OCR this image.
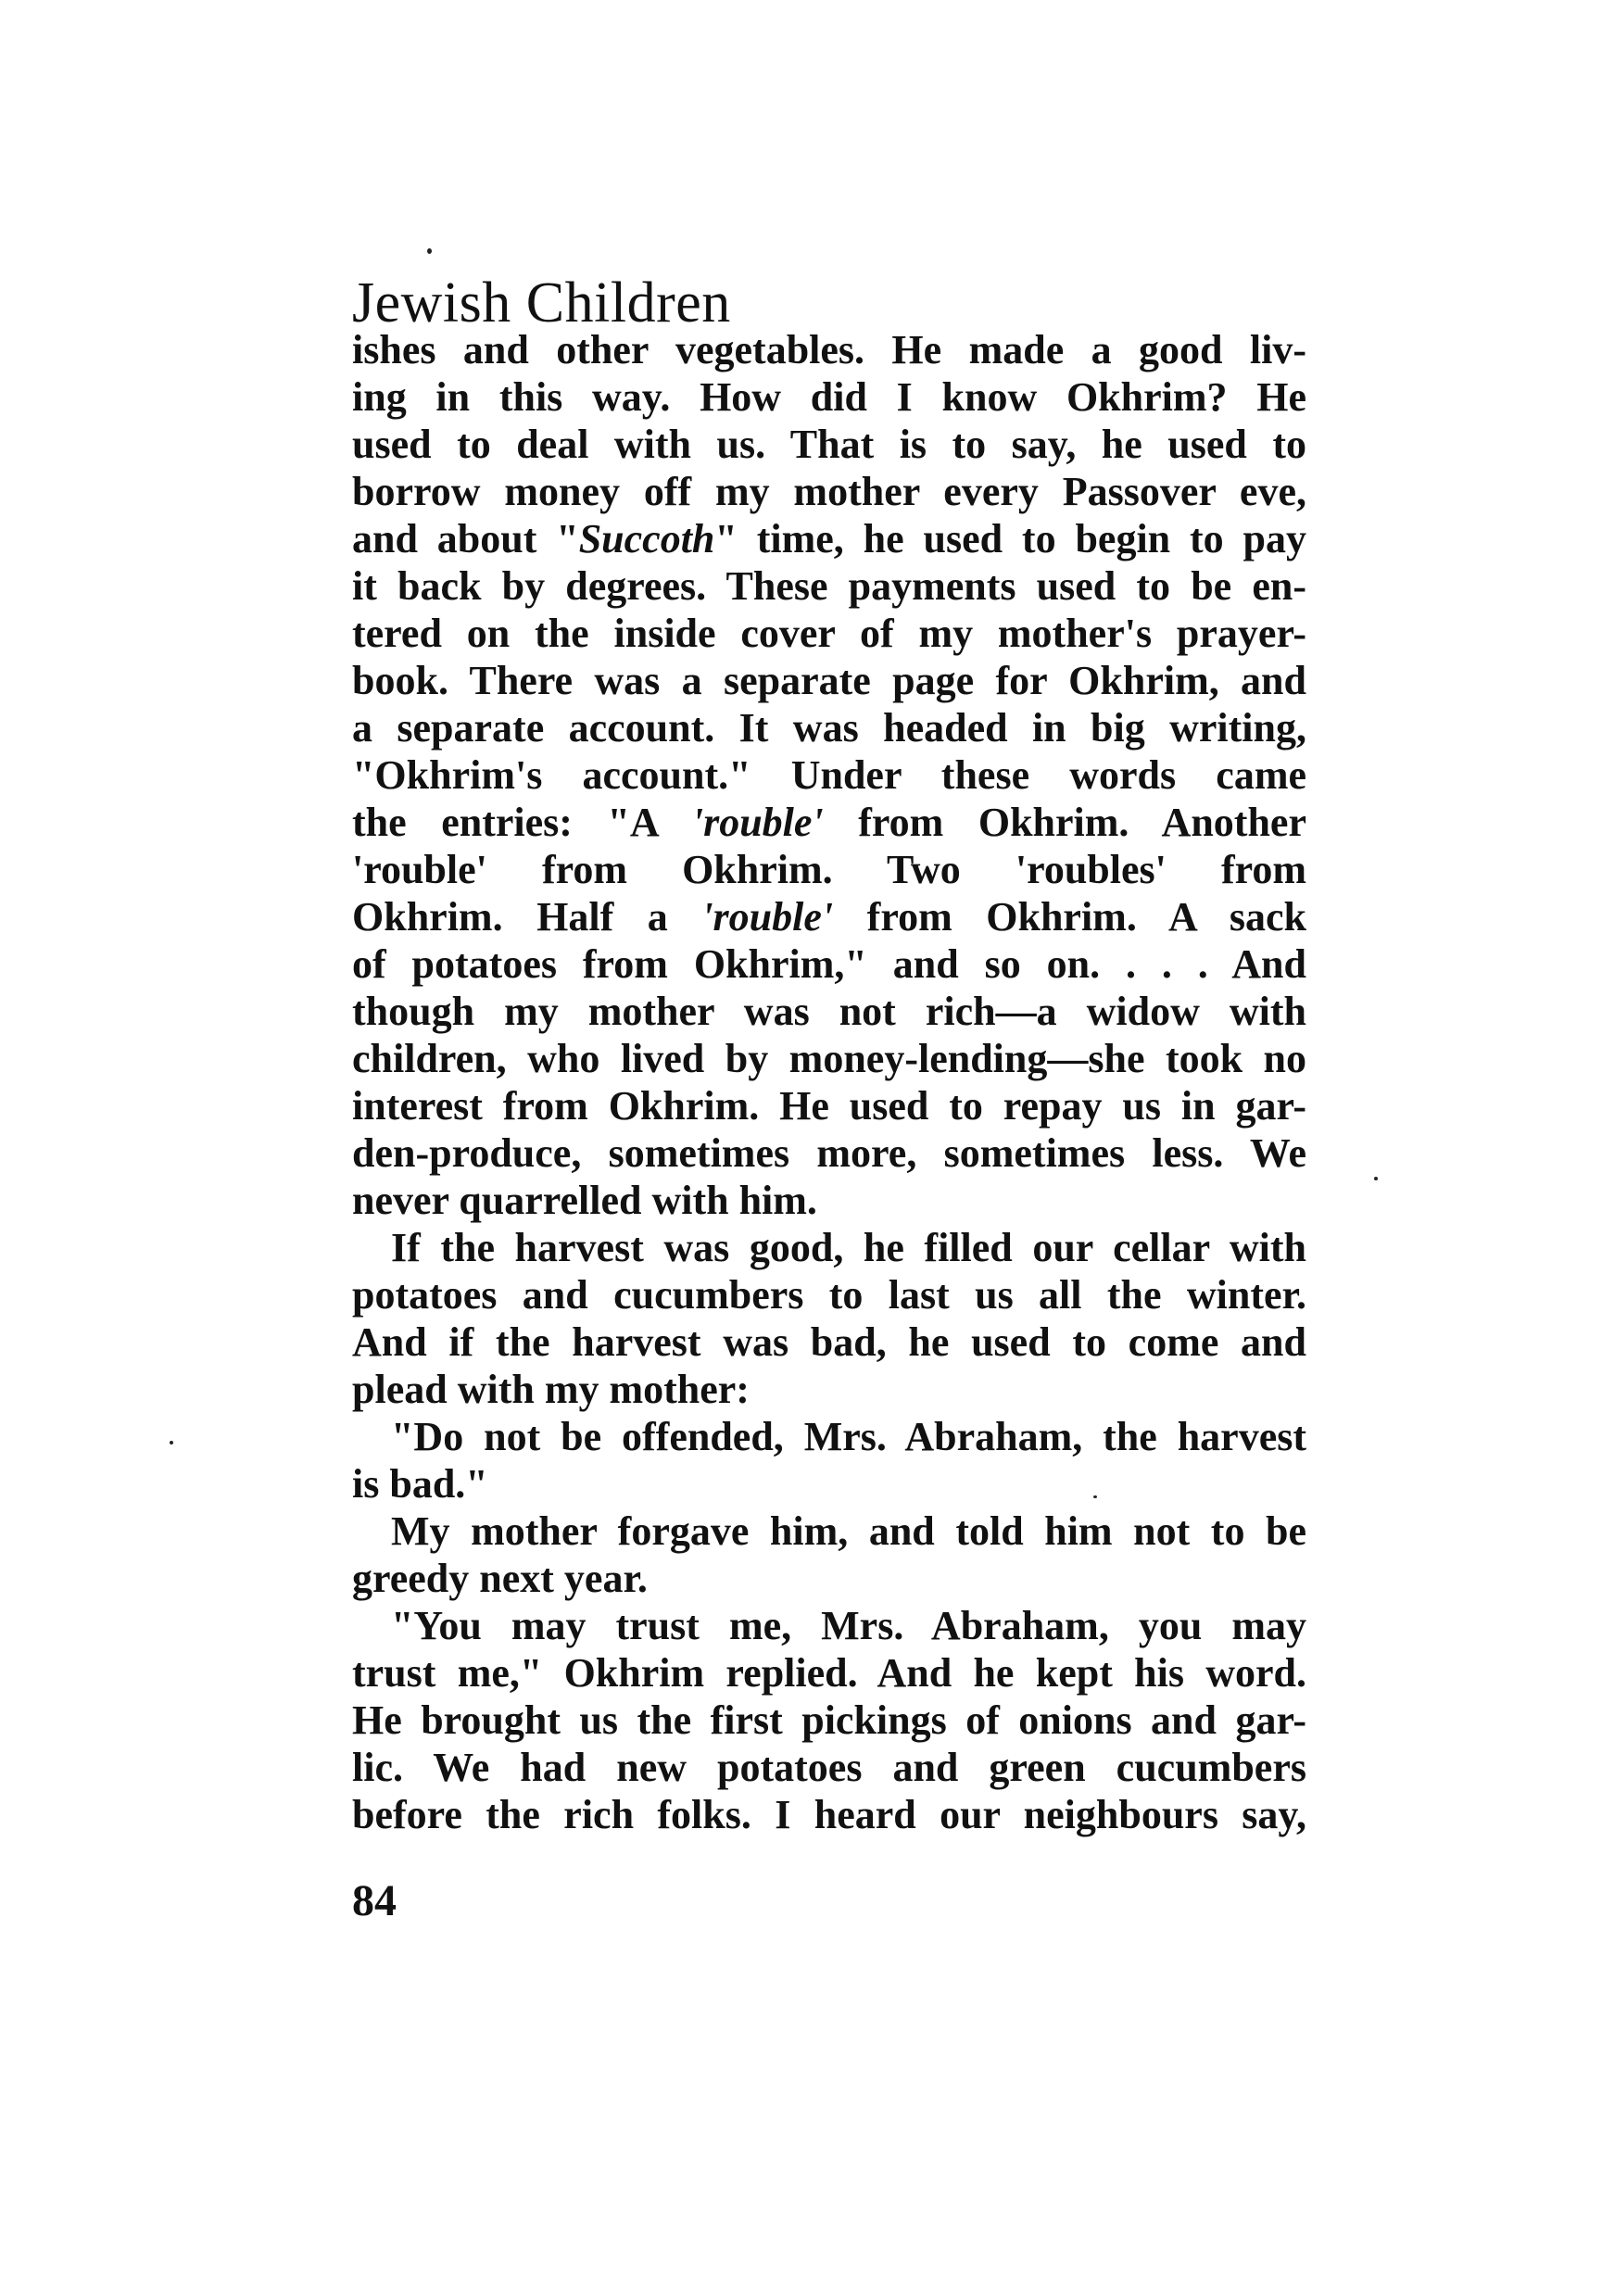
Jewish Children
ishes and other vegetables. He made a good liv-
ing in this way. How did I know Okhrim? He
used to deal with us. That is to say, he used to
borrow money off my mother every Passover eve,
and about "Succoth" time, he used to begin to pay
it back by degrees. These payments used to be en-
tered on the inside cover of my mother's prayer-
book. There was a separate page for Okhrim, and
a separate account. It was headed in big writing,
"Okhrim's account." Under these words came
the entries: "A 'rouble' from Okhrim. Another
'rouble' from Okhrim. Two 'roubles' from
Okhrim. Half a 'rouble' from Okhrim. A sack
of potatoes from Okhrim," and so on. . . . And
though my mother was not rich—a widow with
children, who lived by money-lending—she took no
interest from Okhrim. He used to repay us in gar-
den-produce, sometimes more, sometimes less. We
never quarrelled with him.
If the harvest was good, he filled our cellar with
potatoes and cucumbers to last us all the winter.
And if the harvest was bad, he used to come and
plead with my mother:
"Do not be offended, Mrs. Abraham, the harvest
is bad."
My mother forgave him, and told him not to be
greedy next year.
"You may trust me, Mrs. Abraham, you may
trust me," Okhrim replied. And he kept his word.
He brought us the first pickings of onions and gar-
lic. We had new potatoes and green cucumbers
before the rich folks. I heard our neighbours say,
84
